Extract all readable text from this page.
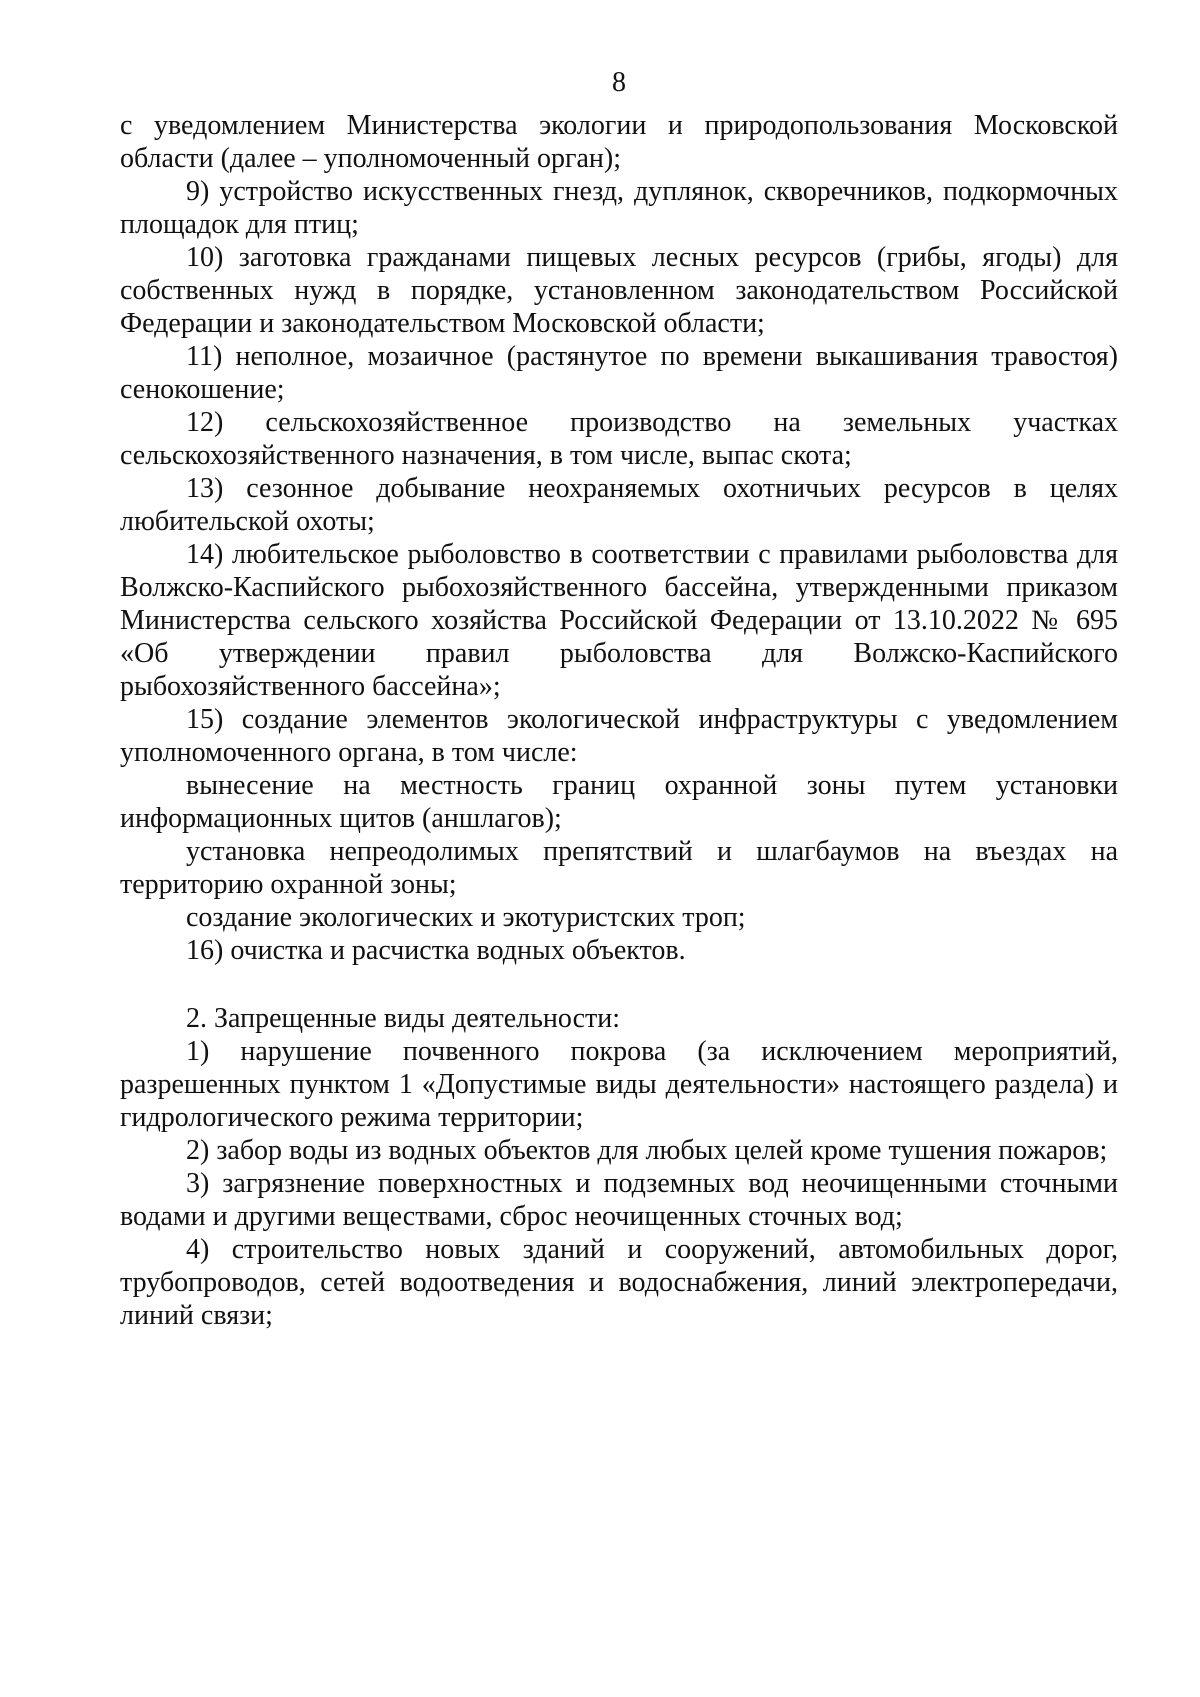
8

с уведомлением Министерства экологии и природопользования Московской области (далее – уполномоченный орган);

9) устройство искусственных гнезд, дуплянок, скворечников, подкормочных площадок для птиц;

10) заготовка гражданами пищевых лесных ресурсов (грибы, ягоды) для собственных нужд в порядке, установленном законодательством Российской Федерации и законодательством Московской области;

11) неполное, мозаичное (растянутое по времени выкашивания травостоя) сенокошение;

12) сельскохозяйственное производство на земельных участках сельскохозяйственного назначения, в том числе, выпас скота;

13) сезонное добывание неохраняемых охотничьих ресурсов в целях любительской охоты;

14) любительское рыболовство в соответствии с правилами рыболовства для Волжско-Каспийского рыбохозяйственного бассейна, утвержденными приказом Министерства сельского хозяйства Российской Федерации от 13.10.2022 № 695 «Об утверждении правил рыболовства для Волжско-Каспийского рыбохозяйственного бассейна»;

15) создание элементов экологической инфраструктуры с уведомлением уполномоченного органа, в том числе:

вынесение на местность границ охранной зоны путем установки информационных щитов (аншлагов);

установка непреодолимых препятствий и шлагбаумов на въездах на территорию охранной зоны;

создание экологических и экотуристских троп;

16) очистка и расчистка водных объектов.

2. Запрещенные виды деятельности:

1) нарушение почвенного покрова (за исключением мероприятий, разрешенных пунктом 1 «Допустимые виды деятельности» настоящего раздела) и гидрологического режима территории;

2) забор воды из водных объектов для любых целей кроме тушения пожаров;

3) загрязнение поверхностных и подземных вод неочищенными сточными водами и другими веществами, сброс неочищенных сточных вод;

4) строительство новых зданий и сооружений, автомобильных дорог, трубопроводов, сетей водоотведения и водоснабжения, линий электропередачи, линий связи;
